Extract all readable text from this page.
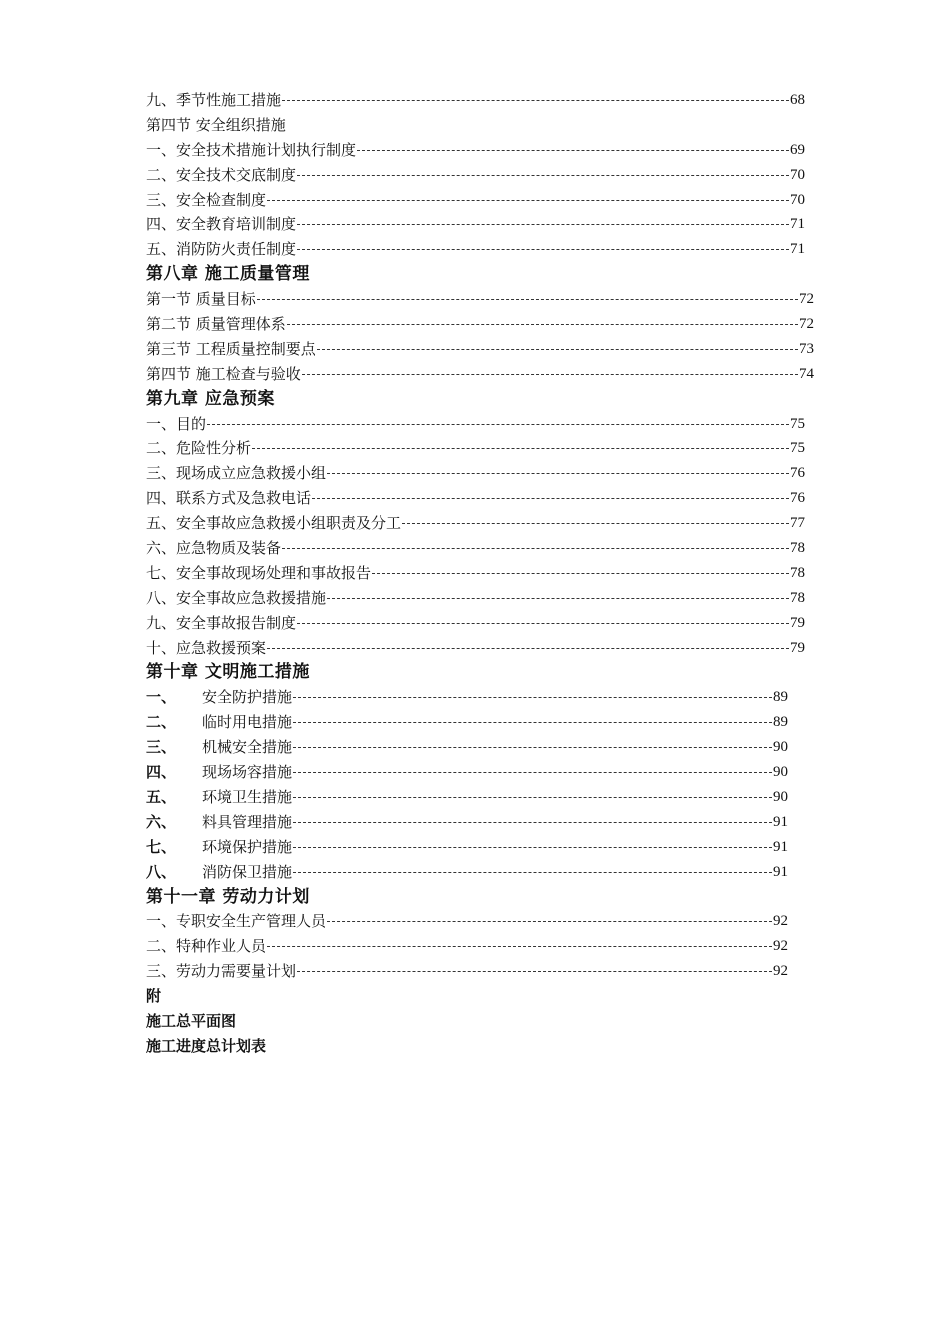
九、季节性施工措施	68
第四节 安全组织措施
一、安全技术措施计划执行制度	69
二、安全技术交底制度	70
三、安全检查制度	70
四、安全教育培训制度	71
五、消防防火责任制度	71
第八章 施工质量管理
第一节 质量目标	72
第二节 质量管理体系	72
第三节 工程质量控制要点	73
第四节 施工检查与验收	74
第九章 应急预案
一、目的	75
二、危险性分析	75
三、现场成立应急救援小组	76
四、联系方式及急救电话	76
五、安全事故应急救援小组职责及分工	77
六、应急物质及装备	78
七、安全事故现场处理和事故报告	78
八、安全事故应急救援措施	78
九、安全事故报告制度	79
十、应急救援预案	79
第十章 文明施工措施
一、 安全防护措施	89
二、 临时用电措施	89
三、 机械安全措施	90
四、 现场场容措施	90
五、 环境卫生措施	90
六、 料具管理措施	91
七、 环境保护措施	91
八、 消防保卫措施	91
第十一章 劳动力计划
一、专职安全生产管理人员	92
二、特种作业人员	92
三、劳动力需要量计划	92
附
施工总平面图
施工进度总计划表
